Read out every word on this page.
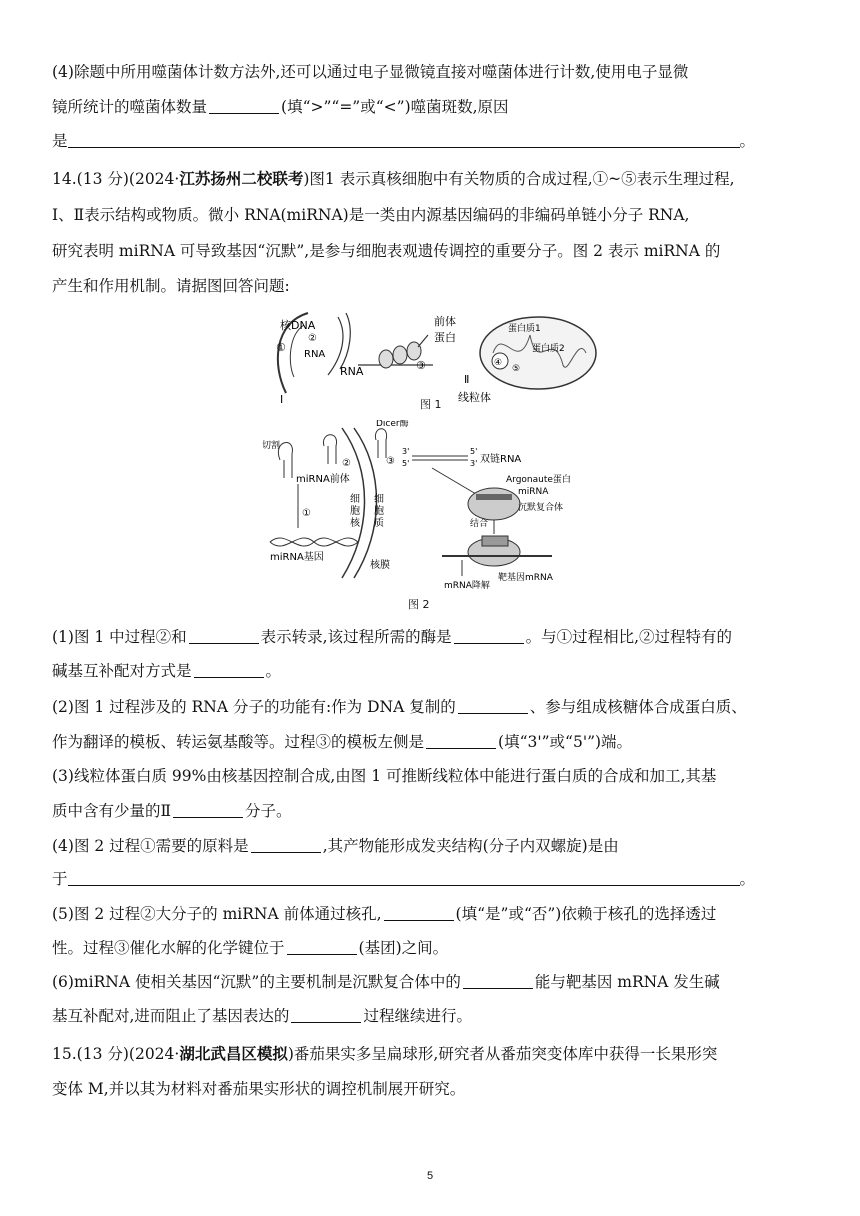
(4)除题中所用噬菌体计数方法外,还可以通过电子显微镜直接对噬菌体进行计数,使用电子显微
镜所统计的噬菌体数量	(填“>”“=”或“<”)噬菌斑数,原因
是	。
14.(13 分)(2024·江苏扬州二校联考)图1 表示真核细胞中有关物质的合成过程,①~⑤表示生理过程,
Ⅰ、Ⅱ表示结构或物质。微小 RNA(miRNA)是一类由内源基因编码的非编码单链小分子 RNA,
研究表明 miRNA 可导致基因“沉默”,是参与细胞表观遗传调控的重要分子。图 2 表示 miRNA 的
产生和作用机制。请据图回答问题:
核DNA
①
②
RNA
RNA	③
Ⅰ
前体
蛋白
蛋白质1
蛋白质2
④
⑤
Ⅱ
线粒体
图 1
切割
miRNA前体
②
Dicer酶
③
细
胞
核
细
胞
质
①
miRNA基因
核膜
3'
5'
5'
3' 双链RNA
Argonaute蛋白
miRNA
沉默复合体
结合
靶基因mRNA
mRNA降解
图 2
(1)图 1 中过程②和	表示转录,该过程所需的酶是	。与①过程相比,②过程特有的
碱基互补配对方式是	。
(2)图 1 过程涉及的 RNA 分子的功能有:作为 DNA 复制的	、参与组成核糖体合成蛋白质、
作为翻译的模板、转运氨基酸等。过程③的模板左侧是	(填“3'”或“5'”)端。
(3)线粒体蛋白质 99%由核基因控制合成,由图 1 可推断线粒体中能进行蛋白质的合成和加工,其基
质中含有少量的Ⅱ	分子。
(4)图 2 过程①需要的原料是	,其产物能形成发夹结构(分子内双螺旋)是由
于	。
(5)图 2 过程②大分子的 miRNA 前体通过核孔,	(填“是”或“否”)依赖于核孔的选择透过
性。过程③催化水解的化学键位于	(基团)之间。
(6)miRNA 使相关基因“沉默”的主要机制是沉默复合体中的	能与靶基因 mRNA 发生碱
基互补配对,进而阻止了基因表达的	过程继续进行。
15.(13 分)(2024·湖北武昌区模拟)番茄果实多呈扁球形,研究者从番茄突变体库中获得一长果形突
变体 M,并以其为材料对番茄果实形状的调控机制展开研究。
5
